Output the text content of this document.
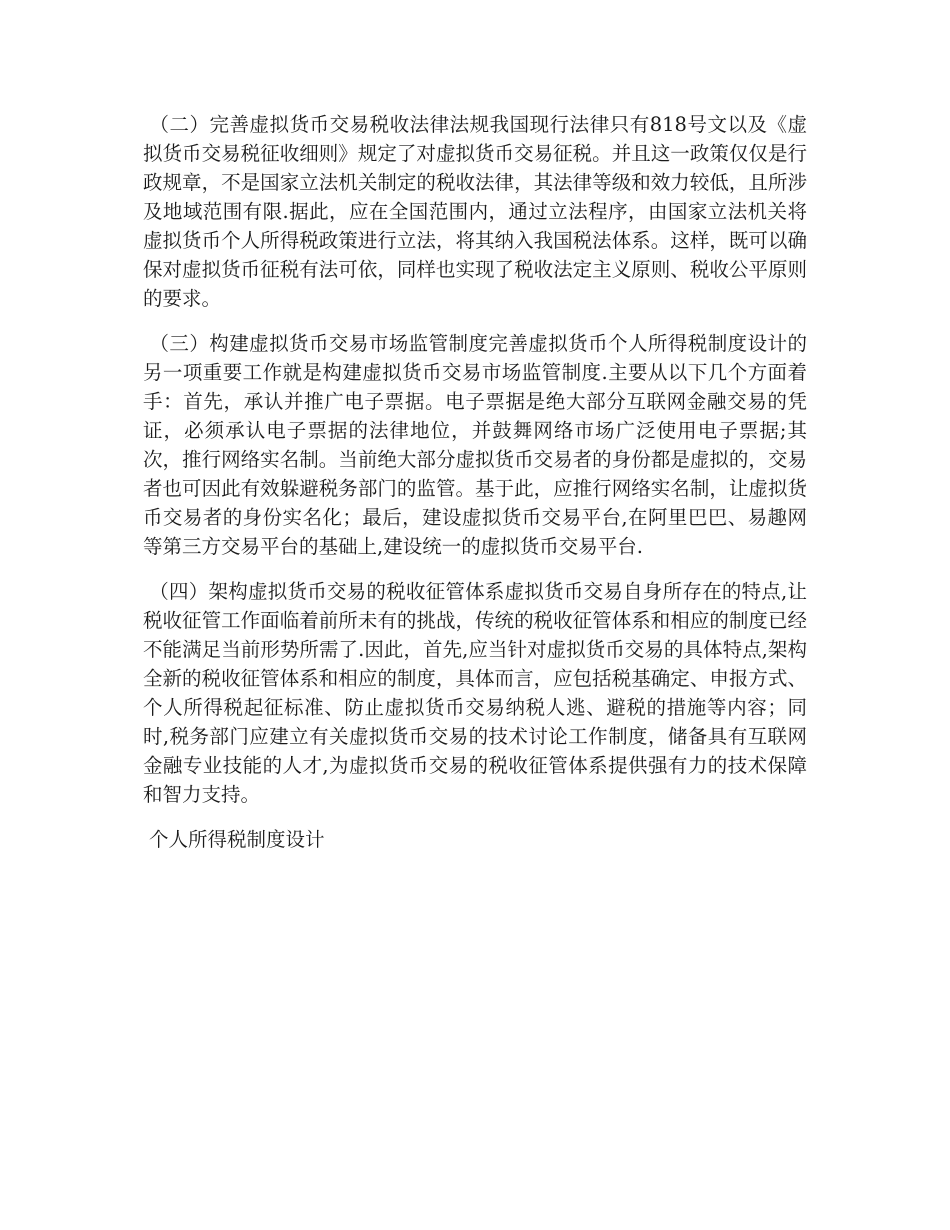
（二）完善虚拟货币交易税收法律法规我国现行法律只有818号文以及《虚拟货币交易税征收细则》规定了对虚拟货币交易征税。并且这一政策仅仅是行政规章，不是国家立法机关制定的税收法律，其法律等级和效力较低，且所涉及地域范围有限.据此，应在全国范围内，通过立法程序，由国家立法机关将虚拟货币个人所得税政策进行立法，将其纳入我国税法体系。这样，既可以确保对虚拟货币征税有法可依，同样也实现了税收法定主义原则、税收公平原则的要求。

（三）构建虚拟货币交易市场监管制度完善虚拟货币个人所得税制度设计的另一项重要工作就是构建虚拟货币交易市场监管制度.主要从以下几个方面着手：首先，承认并推广电子票据。电子票据是绝大部分互联网金融交易的凭证，必须承认电子票据的法律地位，并鼓舞网络市场广泛使用电子票据;其次，推行网络实名制。当前绝大部分虚拟货币交易者的身份都是虚拟的，交易者也可因此有效躲避税务部门的监管。基于此，应推行网络实名制，让虚拟货币交易者的身份实名化；最后，建设虚拟货币交易平台,在阿里巴巴、易趣网等第三方交易平台的基础上,建设统一的虚拟货币交易平台.

（四）架构虚拟货币交易的税收征管体系虚拟货币交易自身所存在的特点,让税收征管工作面临着前所未有的挑战，传统的税收征管体系和相应的制度已经不能满足当前形势所需了.因此，首先,应当针对虚拟货币交易的具体特点,架构全新的税收征管体系和相应的制度，具体而言，应包括税基确定、申报方式、个人所得税起征标准、防止虚拟货币交易纳税人逃、避税的措施等内容；同时,税务部门应建立有关虚拟货币交易的技术讨论工作制度，储备具有互联网金融专业技能的人才,为虚拟货币交易的税收征管体系提供强有力的技术保障和智力支持。

个人所得税制度设计
